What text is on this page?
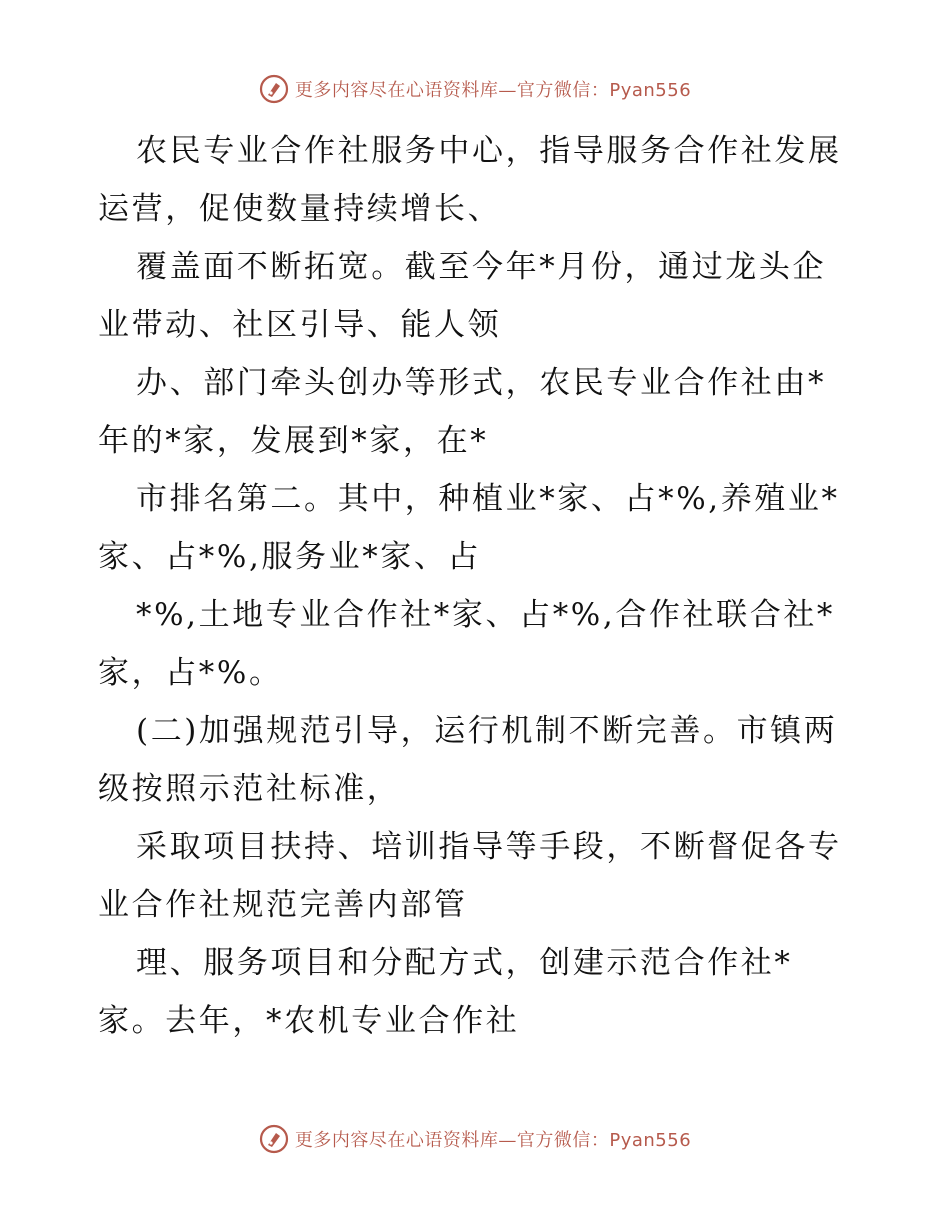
更多内容尽在心语资料库—官方微信：Pyan556
农民专业合作社服务中心，指导服务合作社发展
运营，促使数量持续增长、
覆盖面不断拓宽。截至今年*月份，通过龙头企
业带动、社区引导、能人领
办、部门牵头创办等形式，农民专业合作社由*
年的*家，发展到*家，在*
市排名第二。其中，种植业*家、占*%,养殖业*
家、占*%,服务业*家、占
*%,土地专业合作社*家、占*%,合作社联合社*
家，占*%。
(二)加强规范引导，运行机制不断完善。市镇两
级按照示范社标准，
采取项目扶持、培训指导等手段，不断督促各专
业合作社规范完善内部管
理、服务项目和分配方式，创建示范合作社*
家。去年，*农机专业合作社
更多内容尽在心语资料库—官方微信：Pyan556
